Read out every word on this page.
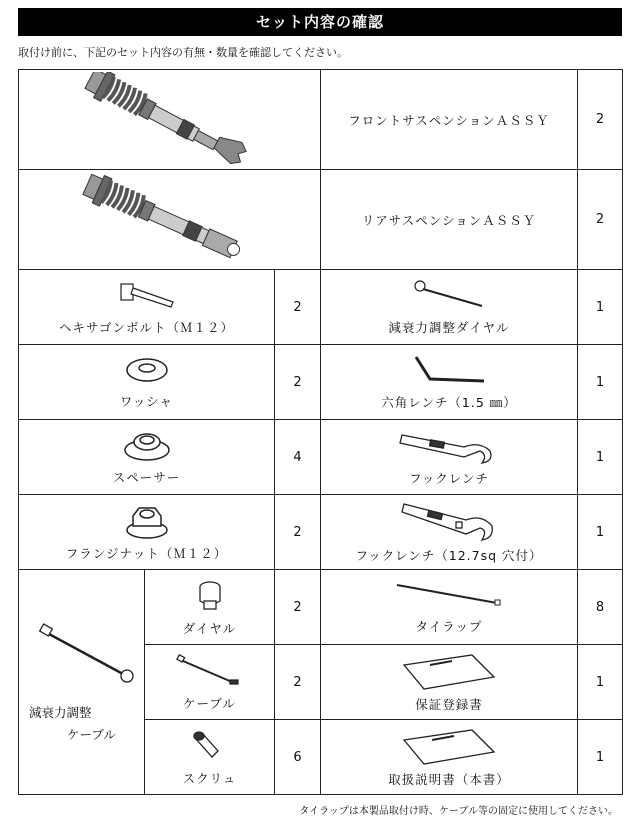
セット内容の確認
取付け前に、下記のセット内容の有無・数量を確認してください。

フロントサスペンションＡＳＳＹ	2

リアサスペンションＡＳＳＹ	2

ヘキサゴンボルト（Ｍ１２）		2	減衰力調整ダイヤル	1

ワッシャ		2	六角レンチ（1.5 ㎜）	1

スペーサー		4	フックレンチ	1

フランジナット（Ｍ１２）		2	フックレンチ（12.7sq 穴付）	1

減衰力調整
ケーブル	ダイヤル	2	タイラップ	8

	ケーブル	2	保証登録書	1

	スクリュ	6	取扱説明書（本書）	1
タイラップは本製品取付け時、ケーブル等の固定に使用してください。
